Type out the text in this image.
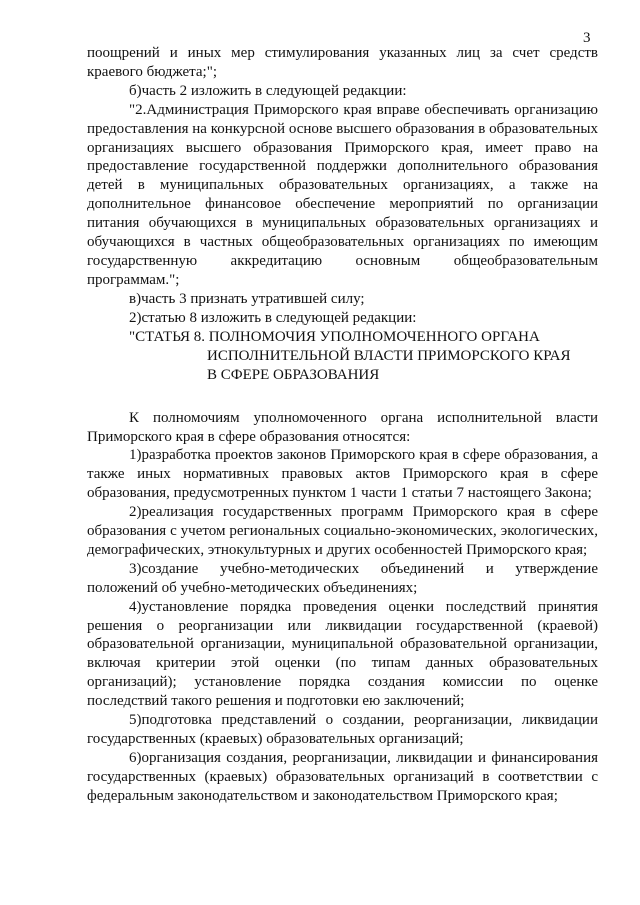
3

поощрений и иных мер стимулирования указанных лиц за счет средств краевого бюджета;";

б)часть 2 изложить в следующей редакции:

"2.Администрация Приморского края вправе обеспечивать организацию предоставления на конкурсной основе высшего образования в образовательных организациях высшего образования Приморского края, имеет право на предоставление государственной поддержки дополнительного образования детей в муниципальных образовательных организациях, а также на дополнительное финансовое обеспечение мероприятий по организации питания обучающихся в муниципальных образовательных организациях и обучающихся в частных общеобразовательных организациях по имеющим государственную аккредитацию основным общеобразовательным программам.";

в)часть 3 признать утратившей силу;

2)статью 8 изложить в следующей редакции:

"СТАТЬЯ 8. ПОЛНОМОЧИЯ УПОЛНОМОЧЕННОГО ОРГАНА
ИСПОЛНИТЕЛЬНОЙ ВЛАСТИ ПРИМОРСКОГО КРАЯ
В СФЕРЕ ОБРАЗОВАНИЯ

К полномочиям уполномоченного органа исполнительной власти Приморского края в сфере образования относятся:

1)разработка проектов законов Приморского края в сфере образования, а также иных нормативных правовых актов Приморского края в сфере образования, предусмотренных пунктом 1 части 1 статьи 7 настоящего Закона;

2)реализация государственных программ Приморского края в сфере образования с учетом региональных социально-экономических, экологических, демографических, этнокультурных и других особенностей Приморского края;

3)создание учебно-методических объединений и утверждение положений об учебно-методических объединениях;

4)установление порядка проведения оценки последствий принятия решения о реорганизации или ликвидации государственной (краевой) образовательной организации, муниципальной образовательной организации, включая критерии этой оценки (по типам данных образовательных организаций); установление порядка создания комиссии по оценке последствий такого решения и подготовки ею заключений;

5)подготовка представлений о создании, реорганизации, ликвидации государственных (краевых) образовательных организаций;

6)организация создания, реорганизации, ликвидации и финансирования государственных (краевых) образовательных организаций в соответствии с федеральным законодательством и законодательством Приморского края;
